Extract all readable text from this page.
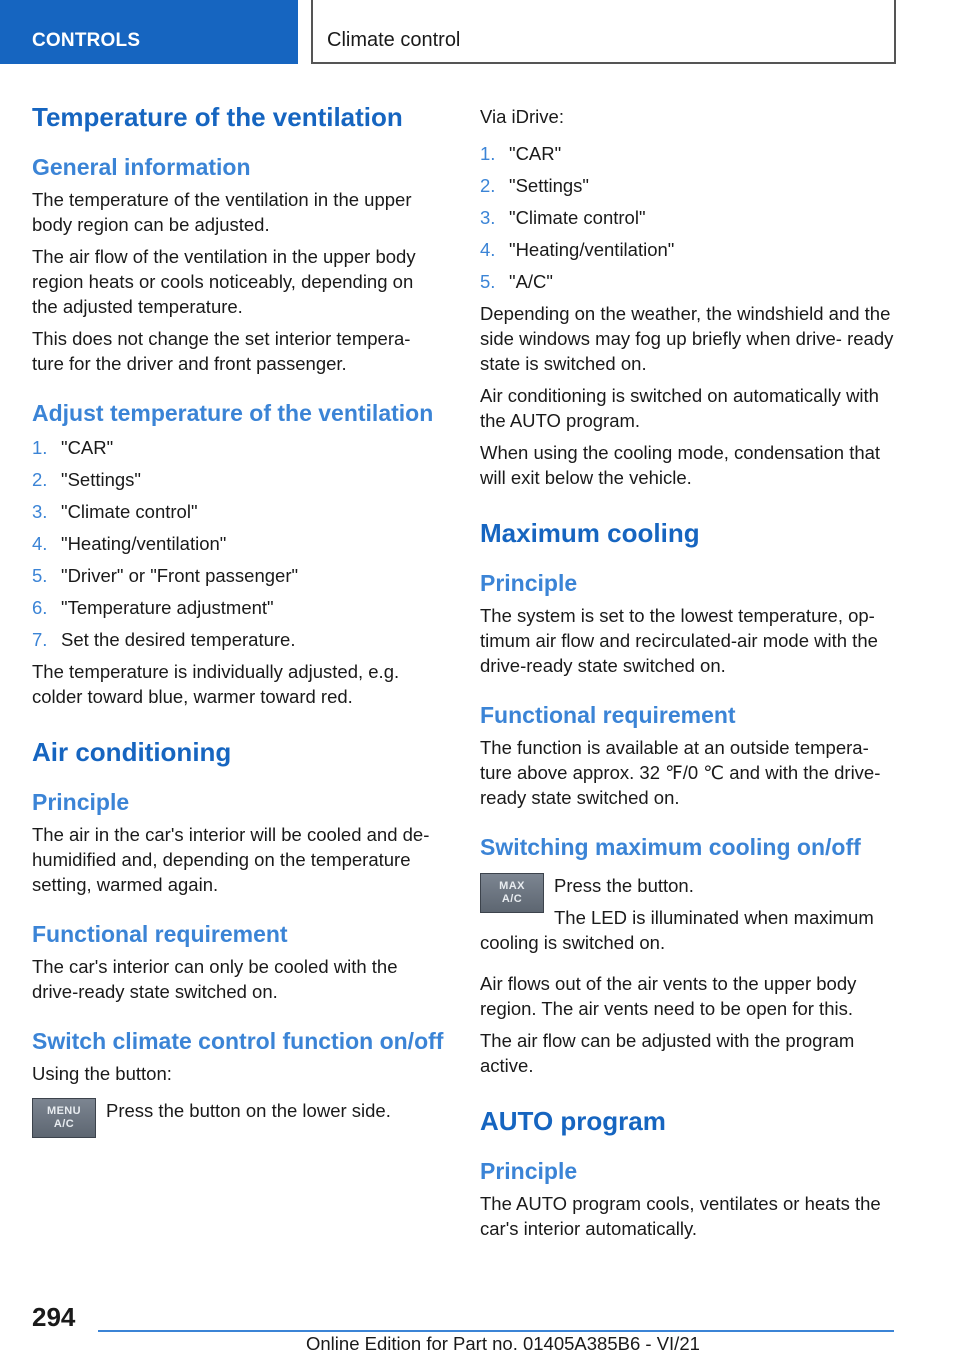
CONTROLS	Climate control
Temperature of the ventilation
General information

The temperature of the ventilation in the upper body region can be adjusted.

The air flow of the ventilation in the upper body region heats or cools noticeably, depending on the adjusted temperature.

This does not change the set interior tempera‐ ture for the driver and front passenger.

Adjust temperature of the ventilation
1. "CAR"
2. "Settings"
3. "Climate control"
4. "Heating/ventilation"
5. "Driver" or "Front passenger"
6. "Temperature adjustment"
7. Set the desired temperature.

The temperature is individually adjusted, e.g. colder toward blue, warmer toward red.

Air conditioning
Principle

The air in the car's interior will be cooled and de‐ humidified and, depending on the temperature setting, warmed again.

Functional requirement

The car's interior can only be cooled with the drive-ready state switched on.

Switch climate control function on/off

Using the button:

MENU
A/C

Press the button on the lower side.

Via iDrive:

1. "CAR"
2. "Settings"
3. "Climate control"
4. "Heating/ventilation"
5. "A/C"

Depending on the weather, the windshield and the side windows may fog up briefly when drive- ready state is switched on.

Air conditioning is switched on automatically with the AUTO program.

When using the cooling mode, condensation that will exit below the vehicle.

Maximum cooling
Principle

The system is set to the lowest temperature, op‐ timum air flow and recirculated-air mode with the drive-ready state switched on.

Functional requirement

The function is available at an outside tempera‐ ture above approx. 32 ℉/0 ℃ and with the drive- ready state switched on.

Switching maximum cooling on/off
MAX
A/C

Press the button.

The LED is illuminated when maximum cooling is switched on.

Air flows out of the air vents to the upper body region. The air vents need to be open for this.

The air flow can be adjusted with the program active.

AUTO program
Principle

The AUTO program cools, ventilates or heats the car's interior automatically.

294
Online Edition for Part no. 01405A385B6 - VI/21
